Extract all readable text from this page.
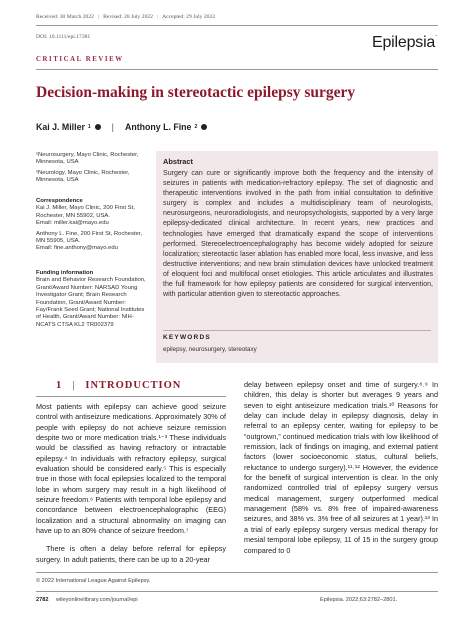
Received: 30 March 2022 | Revised: 28 July 2022 | Accepted: 29 July 2022
DOI: 10.1111/epi.17381	Epilepsia´
CRITICAL REVIEW
Decision-making in stereotactic epilepsy surgery
Kai J. Miller 1 | Anthony L. Fine 2
¹Neurosurgery, Mayo Clinic, Rochester, Minnesota, USA
²Neurology, Mayo Clinic, Rochester, Minnesota, USA
Correspondence
Kai J. Miller, Mayo Clinic, 200 First St, Rochester, MN 55902, USA.
Email: miller.kai@mayo.edu
Anthony L. Fine, 200 First St, Rochester, MN 55905, USA.
Email: fine.anthony@mayo.edu
Funding information
Brain and Behavior Research Foundation, Grant/Award Number: NARSAD Young Investigator Grant; Brain Research Foundation, Grant/Award Number: Fay/Frank Seed Grant; National Institutes of Health, Grant/Award Number: NIH-NCATS CTSA KL2 TR002379
Abstract
Surgery can cure or significantly improve both the frequency and the intensity of seizures in patients with medication-refractory epilepsy. The set of diagnostic and therapeutic interventions involved in the path from initial consultation to definitive surgery is complex and includes a multidisciplinary team of neurologists, neurosurgeons, neuroradiologists, and neuropsychologists, supported by a very large epilepsy-dedicated clinical architecture. In recent years, new practices and technologies have emerged that dramatically expand the scope of interventions performed. Stereoelectroencephalography has become widely adopted for seizure localization; stereotactic laser ablation has enabled more focal, less invasive, and less destructive interventions; and new brain stimulation devices have unlocked treatment of eloquent foci and multifocal onset etiologies. This article articulates and illustrates the full framework for how epilepsy patients are considered for surgical intervention, with particular attention given to stereotactic approaches.
KEYWORDS
epilepsy, neurosurgery, stereotaxy
1 | INTRODUCTION

Most patients with epilepsy can achieve good seizure control with antiseizure medications. Approximately 30% of people with epilepsy do not achieve seizure remission despite two or more medication trials.¹⁻³ These individuals would be classified as having refractory or intractable epilepsy.⁴ In individuals with refractory epilepsy, surgical evaluation should be considered early.⁵ This is especially true in those with focal epilepsies localized to the temporal lobe in whom surgery may result in a high likelihood of seizure freedom.⁶ Patients with temporal lobe epilepsy and concordance between electroencephalographic (EEG) localization and a structural abnormality on imaging can have up to an 80% chance of seizure freedom.⁷

There is often a delay before referral for epilepsy surgery. In adult patients, there can be up to a 20-year

delay between epilepsy onset and time of surgery.⁸˒⁹ In children, this delay is shorter but averages 9 years and seven to eight antiseizure medication trials.¹⁰ Reasons for delay can include delay in epilepsy diagnosis, delay in referral to an epilepsy center, waiting for epilepsy to be “outgrown,” continued medication trials with low likelihood of remission, lack of findings on imaging, and external patient factors (lower socioeconomic status, cultural beliefs, reluctance to undergo surgery).¹¹˒¹² However, the evidence for the benefit of surgical intervention is clear. In the only randomized controlled trial of epilepsy surgery versus medical management, surgery outperformed medical management (58% vs. 8% free of impaired-awareness seizures, and 38% vs. 3% free of all seizures at 1 year).¹³ In a trial of early epilepsy surgery versus medical therapy for mesial temporal lobe epilepsy, 11 of 15 in the surgery group compared to 0

© 2022 International League Against Epilepsy.
2782 wileyonlinelibrary.com/journal/epi	Epilepsia. 2022;63:2782–2801.
